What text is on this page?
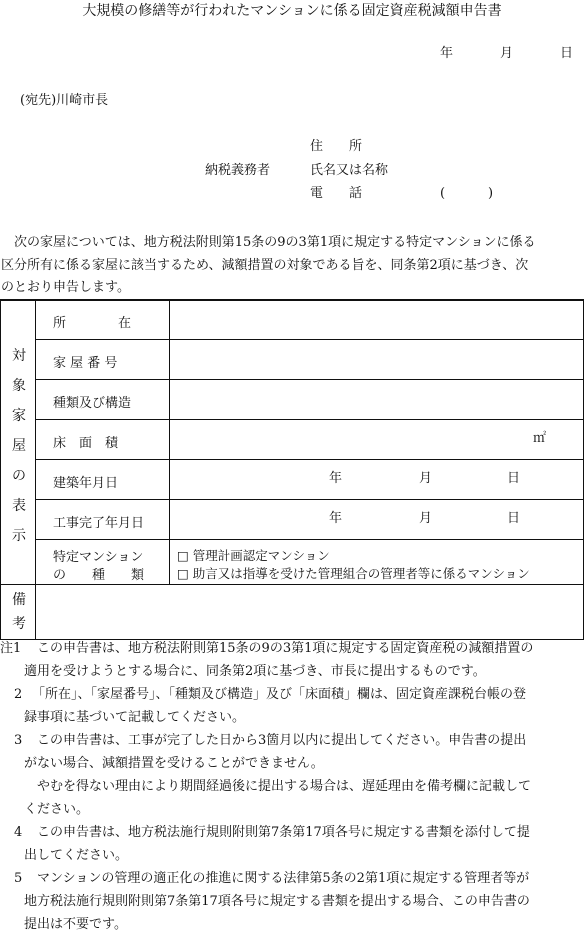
大規模の修繕等が行われたマンションに係る固定資産税減額申告書
年	月	日
(宛先)川崎市長
住　　所
納税義務者	氏名又は名称
電　　話	(	)
　次の家屋については、地方税法附則第15条の9の3第1項に規定する特定マンションに係る
区分所有に係る家屋に該当するため、減額措置の対象である旨を、同条第2項に基づき、次
のとおり申告します。
対
象
家
屋
の
表
示
所　　　　在
家 屋 番 号
種類及び構造
床　面　積	㎡
建築年月日	年	月	日
工事完了年月日	年	月	日
特定マンション
の　　種　　類
□ 管理計画認定マンション
□ 助言又は指導を受けた管理組合の管理者等に係るマンション
備
考
注1 　この申告書は、地方税法附則第15条の9の3第1項に規定する固定資産税の減額措置の
適用を受けようとする場合に、同条第2項に基づき、市長に提出するものです。
2 「所在」、「家屋番号」、「種類及び構造」及び「床面積」欄は、固定資産課税台帳の登
録事項に基づいて記載してください。
3 　この申告書は、工事が完了した日から3箇月以内に提出してください。申告書の提出
がない場合、減額措置を受けることができません。
　やむを得ない理由により期間経過後に提出する場合は、遅延理由を備考欄に記載して
ください。
4 　この申告書は、地方税法施行規則附則第7条第17項各号に規定する書類を添付して提
出してください。
5 　マンションの管理の適正化の推進に関する法律第5条の2第1項に規定する管理者等が
地方税法施行規則附則第7条第17項各号に規定する書類を提出する場合、この申告書の
提出は不要です。
